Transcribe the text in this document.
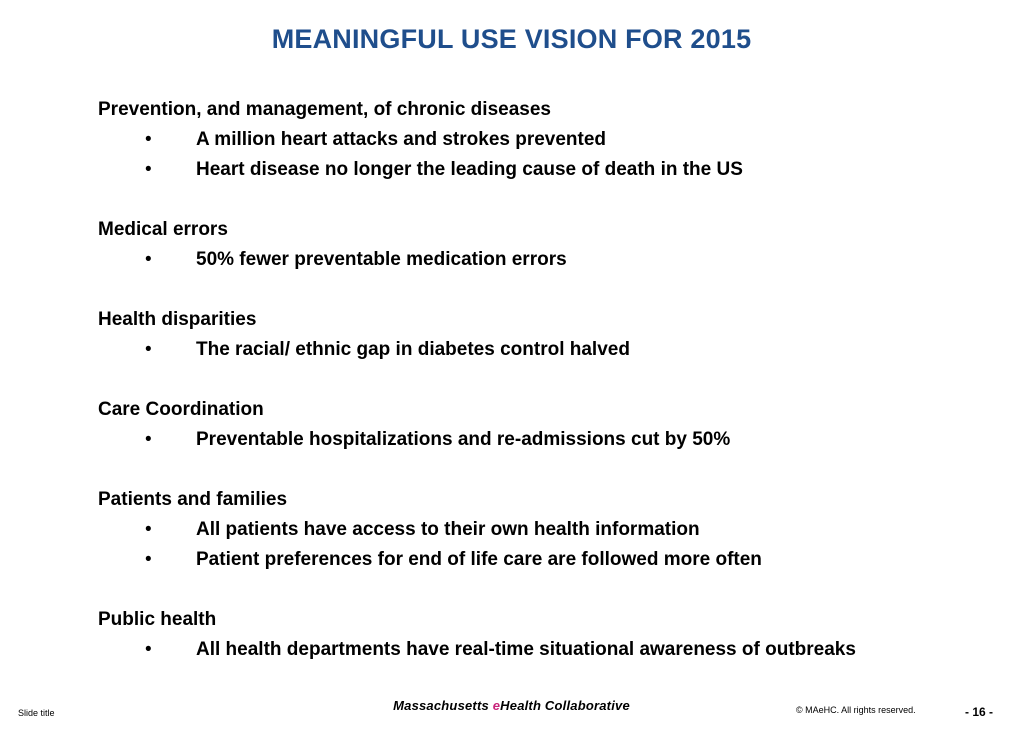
MEANINGFUL USE VISION FOR 2015
Prevention, and management, of chronic diseases
• A million heart attacks and strokes prevented
• Heart disease no longer the leading cause of death in the US
Medical errors
• 50% fewer preventable medication errors
Health disparities
• The racial/ ethnic gap in diabetes control halved
Care Coordination
• Preventable hospitalizations and re-admissions cut by 50%
Patients and families
• All patients have access to their own health information
• Patient preferences for end of life care are followed more often
Public health
• All health departments have real-time situational awareness of outbreaks
Slide title	Massachusetts eHealth Collaborative	© MAeHC. All rights reserved.	- 16 -
